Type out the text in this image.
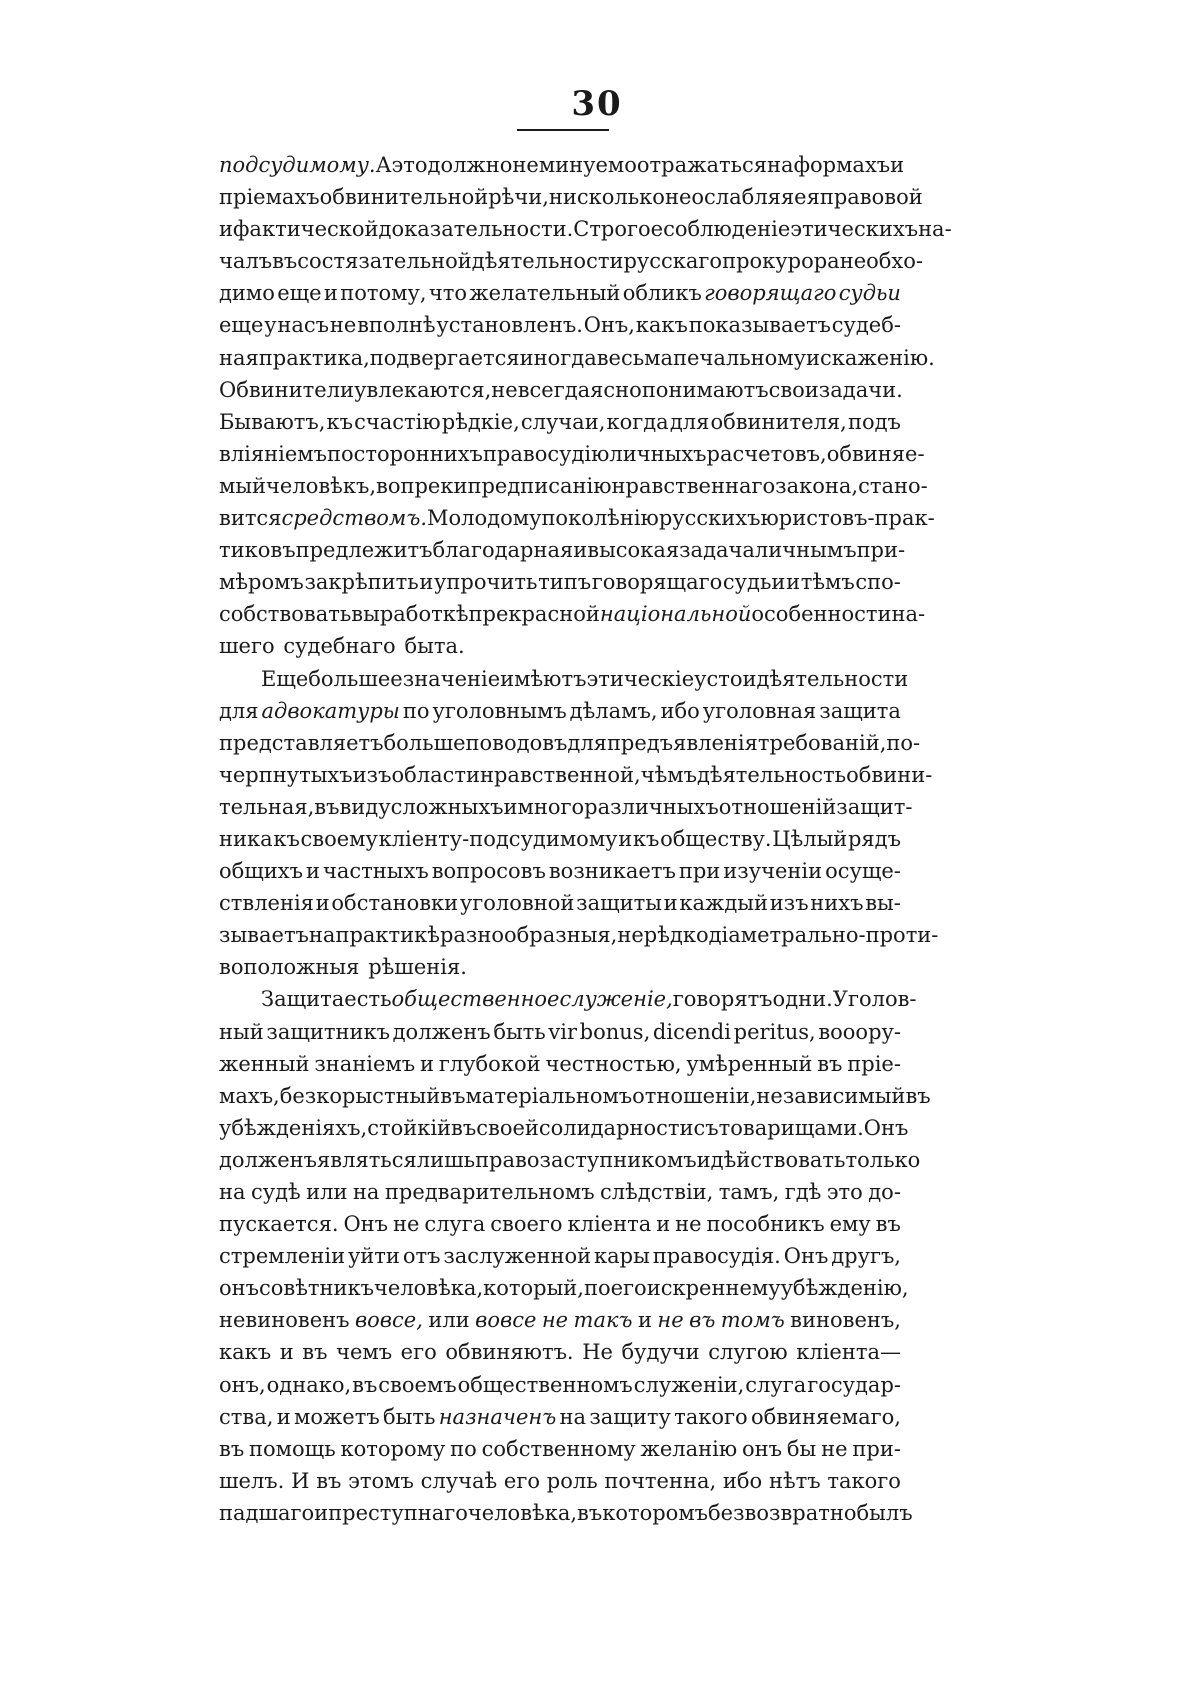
30
подсудимому. А это должно неминуемо отражаться на формахъ и
пріемахъ обвинительной рѣчи, нисколько не ослабляя ея правовой
и фактической доказательности. Строгое соблюденіе этическихъ на-
чалъ въ состязательной дѣятельности русскаго прокурора необхо-
димо еще и потому, что желательный обликъ говорящаго судьи
еще у насъ не вполнѣ установленъ. Онъ, какъ показываетъ судеб-
ная практика, подвергается иногда весьма печальному искаженію.
Обвинители увлекаются, не всегда ясно понимаютъ свои задачи.
Бываютъ, къ счастію рѣдкіе, случаи, когда для обвинителя, подъ
вліяніемъ постороннихъ правосудію личныхъ расчетовъ, обвиняе-
мый человѣкъ, вопреки предписанію нравственнаго закона, стано-
вится средствомъ. Молодому поколѣнію русскихъ юристовъ-прак-
тиковъ предлежитъ благодарная и высокая задача личнымъ при-
мѣромъ закрѣпить и упрочить типъ говорящаго судьи и тѣмъ спо-
собствовать выработкѣ прекрасной національной особенности на-
шего судебнаго быта.
Еще большее значеніе имѣютъ этическіе устои дѣятельности
для адвокатуры по уголовнымъ дѣламъ, ибо уголовная защита
представляетъ больше поводовъ для предъявленія требованій, по-
черпнутыхъ изъ области нравственной, чѣмъ дѣятельность обвини-
тельная, въ виду сложныхъ и многоразличныхъ отношеній защит-
ника къ своему кліенту-подсудимому и къ обществу. Цѣлый рядъ
общихъ и частныхъ вопросовъ возникаетъ при изученіи осуще-
ствленія и обстановки уголовной защиты и каждый изъ нихъ вы-
зываетъ на практикѣ разнообразныя, нерѣдко діаметрально-проти-
воположныя рѣшенія.
Защита есть общественное служеніе, говорятъ одни. Уголов-
ный защитникъ долженъ быть vir bonus, dicendi peritus, вооору-
женный знаніемъ и глубокой честностью, умѣренный въ пріе-
махъ, безкорыстный въ матеріальномъ отношеніи, независимый въ
убѣжденіяхъ, стойкій въ своей солидарности съ товарищами. Онъ
долженъ являться лишь правозаступникомъ и дѣйствовать только
на судѣ или на предварительномъ слѣдствіи, тамъ, гдѣ это до-
пускается. Онъ не слуга своего кліента и не пособникъ ему въ
стремленіи уйти отъ заслуженной кары правосудія. Онъ другъ,
онъ совѣтникъ человѣка, который, по его искреннему убѣжденію,
невиновенъ вовсе, или вовсе не такъ и не въ томъ виновенъ,
какъ и въ чемъ его обвиняютъ. Не будучи слугою кліента—
онъ, однако, въ своемъ общественномъ служеніи, слуга государ-
ства, и можетъ быть назначенъ на защиту такого обвиняемаго,
въ помощь которому по собственному желанію онъ бы не при-
шелъ. И въ этомъ случаѣ его роль почтенна, ибо нѣтъ такого
падшаго и преступнаго человѣка, въ которомъ безвозвратно былъ
